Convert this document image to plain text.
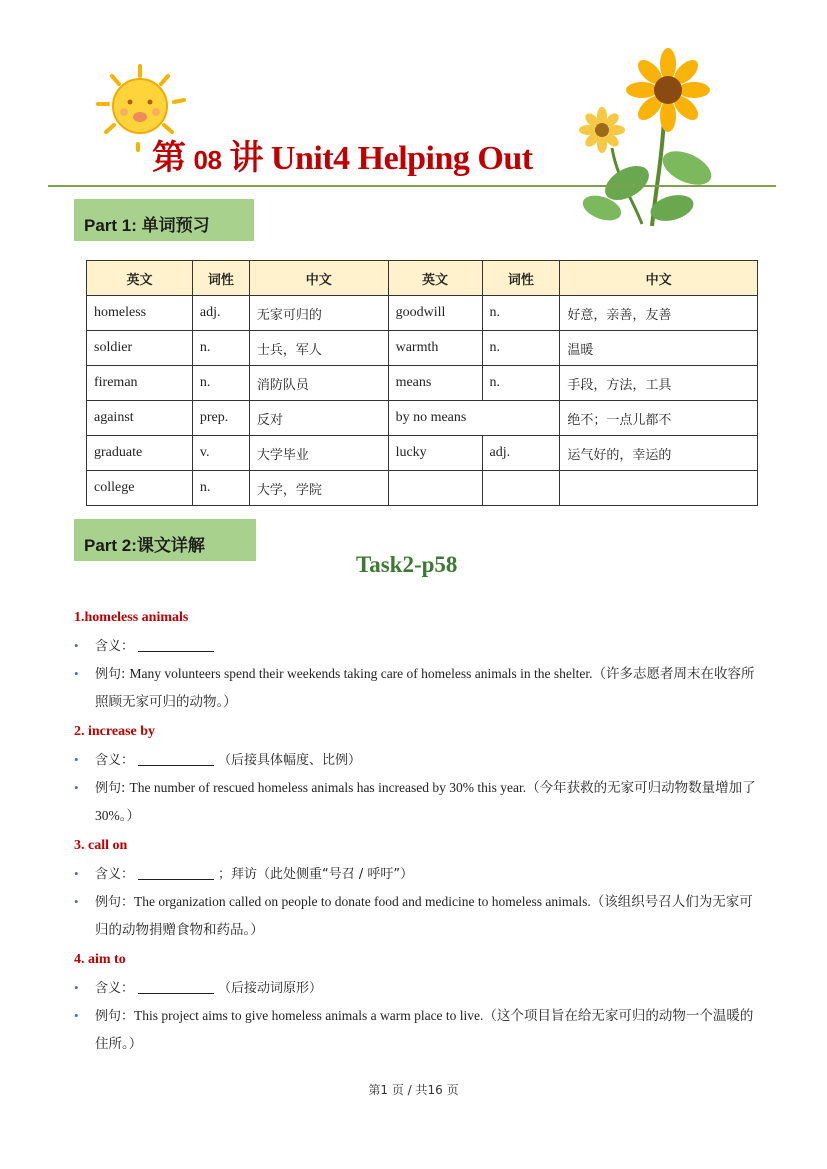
第 08 讲 Unit4 Helping Out
Part 1: 单词预习
英文	词性	中文	英文	词性	中文
homeless	adj.	无家可归的	goodwill	n.	好意，亲善，友善
soldier	n.	士兵，军人	warmth	n.	温暖
fireman	n.	消防队员	means	n.	手段，方法，工具
against	prep.	反对	by no means		绝不；一点儿都不
graduate	v.	大学毕业	lucky	adj.	运气好的，幸运的
college	n.	大学，学院			
Part 2:课文详解
Task2-p58
1.homeless animals
• 含义：
• 例句: Many volunteers spend their weekends taking care of homeless animals in the shelter.（许多志愿者周末在收容所照顾无家可归的动物。）
2. increase by
• 含义：	（后接具体幅度、比例）
• 例句: The number of rescued homeless animals has increased by 30% this year.（今年获救的无家可归动物数量增加了 30%。）
3. call on
• 含义：	；拜访（此处侧重“号召 / 呼吁”）
• 例句：The organization called on people to donate food and medicine to homeless animals.（该组织号召人们为无家可归的动物捐赠食物和药品。）
4. aim to
• 含义：	（后接动词原形）
• 例句：This project aims to give homeless animals a warm place to live.（这个项目旨在给无家可归的动物一个温暖的住所。）
第1 页 / 共16 页
